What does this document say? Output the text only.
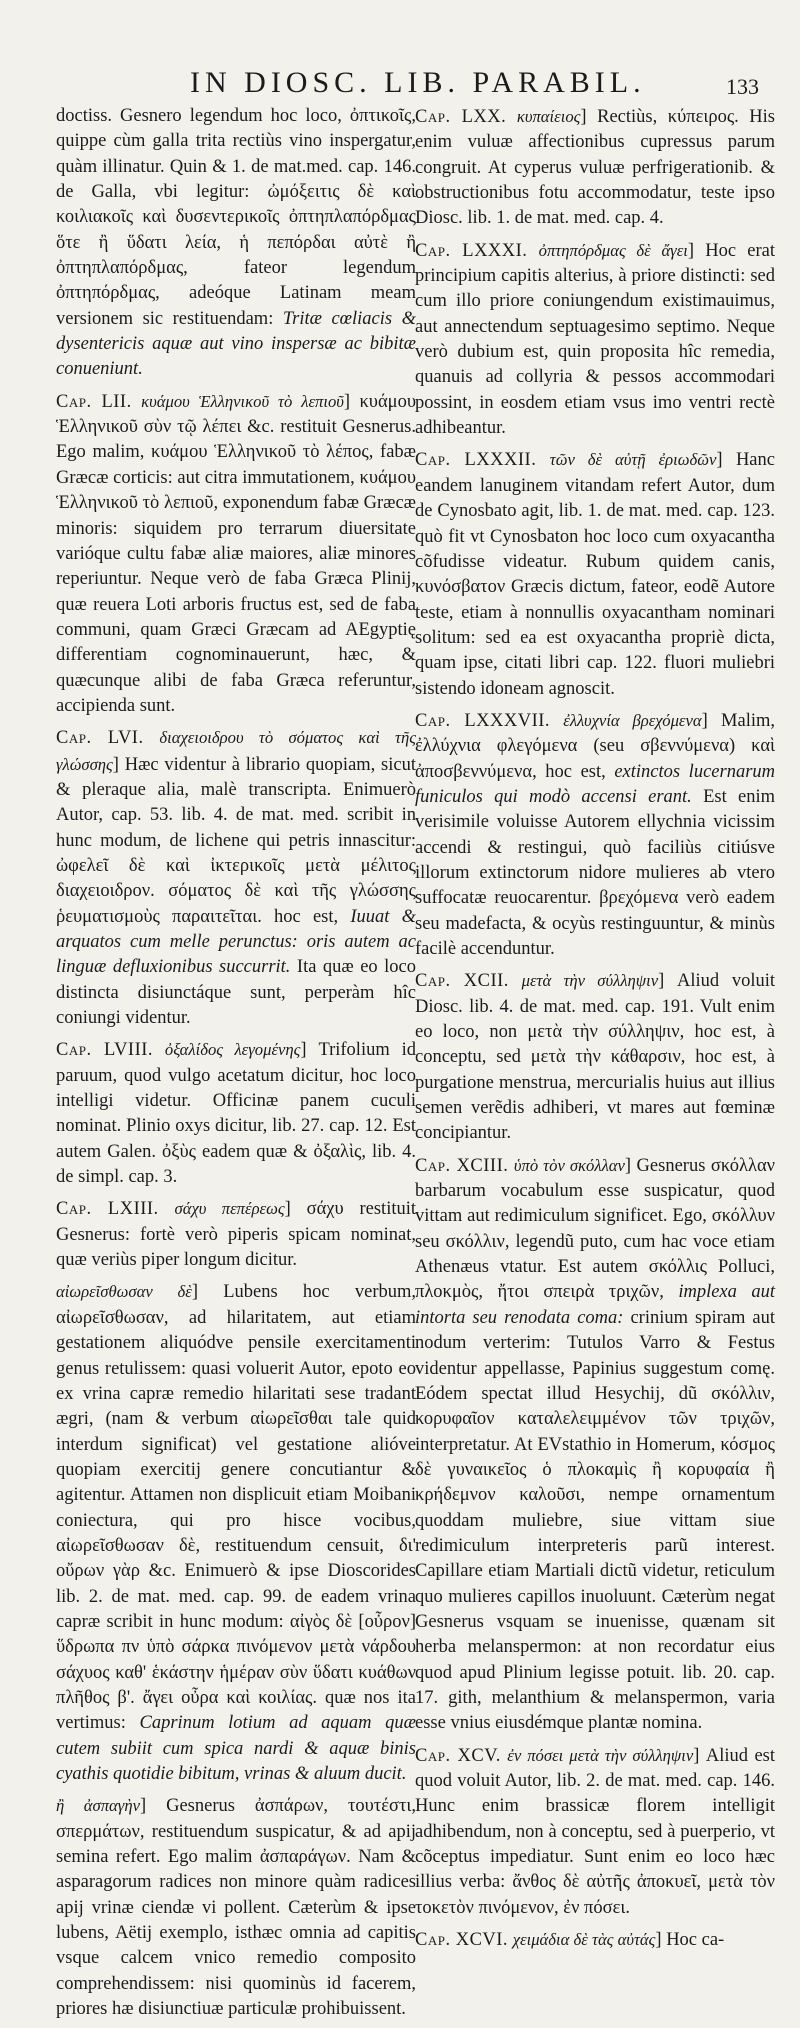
IN DIOSC. LIB. PARABIL.	133

doctiss. Gesnero legendum hoc loco, ὀπτικοῖς, quippe cùm galla trita rectiùs vino inspergatur, quàm illinatur. Quin & 1. de mat.med. cap. 146. de Galla, vbi legitur: ὠμόξειτις δὲ καὶ κοιλιακοῖς καὶ δυσεντερικοῖς ὀπτηπλαπόρδμας ὅτε ἢ ὕδατι λεία, ἡ πεπόρδαι αὐτὲ ἢ ὀπτηπλαπόρδμας, fateor legendum ὀπτηπόρδμας, adeóque Latinam meam versionem sic restituendam: Tritæ cœliacis & dysentericis aquæ aut vino inspersæ ac bibitæ conueniunt.

Cap. LII. κυάμου Ἑλληνικοῦ τὸ λεπιοῦ] κυάμου Ἑλληνικοῦ σὺν τῷ λέπει &c. restituit Gesnerus. Ego malim, κυάμου Ἑλληνικοῦ τὸ λέπος, fabæ Græcæ corticis: aut citra immutationem, κυάμου Ἑλληνικοῦ τὸ λεπιοῦ, exponendum fabæ Græcæ minoris: siquidem pro terrarum diuersitate varióque cultu fabæ aliæ maiores, aliæ minores reperiuntur. Neque verò de faba Græca Plinij, quæ reuera Loti arboris fructus est, sed de faba communi, quam Græci Græcam ad AEgyptię differentiam cognominauerunt, hæc, & quæcunque alibi de faba Græca referuntur, accipienda sunt.

Cap. LVI. διαχειοιδρου τὸ σόματος καὶ τῆς γλώσσης] Hæc videntur à librario quopiam, sicut & pleraque alia, malè transcripta. Enimuerò Autor, cap. 53. lib. 4. de mat. med. scribit in hunc modum, de lichene qui petris innascitur: ὠφελεῖ δὲ καὶ ἰκτερικοῖς μετὰ μέλιτος διαχειοιδρον. σόματος δὲ καὶ τῆς γλώσσης ῥευματισμοὺς παραιτεῖται. hoc est, Iuuat & arquatos cum melle perunctus: oris autem ac linguæ defluxionibus succurrit. Ita quæ eo loco distincta disiunctáque sunt, perperàm hîc coniungi videntur.

Cap. LVIII. ὀξαλίδος λεγομένης] Trifolium id paruum, quod vulgo acetatum dicitur, hoc loco intelligi videtur. Officinæ panem cuculi nominat. Plinio oxys dicitur, lib. 27. cap. 12. Est autem Galen. ὀξὺς eadem quæ & ὀξαλὶς, lib. 4. de simpl. cap. 3.

Cap. LXIII. σάχυ πεπέρεως] σάχυ restituit Gesnerus: fortè verò piperis spicam nominat, quæ veriùs piper longum dicitur.

αἰωρεῖσθωσαν δὲ] Lubens hoc verbum, αἰωρεῖσθωσαν, ad hilaritatem, aut etiam gestationem aliquódve pensile exercitamenti genus retulissem: quasi voluerit Autor, epoto eo ex vrina capræ remedio hilaritati sese tradant ægri, (nam & verbum αἰωρεῖσθαι tale quid interdum significat) vel gestatione alióve quopiam exercitij genere concutiantur & agitentur. Attamen non displicuit etiam Moibani coniectura, qui pro hisce vocibus, αἰωρεῖσθωσαν δὲ, restituendum censuit, δι' οὔρων γὰρ &c. Enimuerò & ipse Dioscorides lib. 2. de mat. med. cap. 99. de eadem vrina capræ scribit in hunc modum: αἰγὸς δὲ [οὖρον] ὕδρωπα πν ὑπὸ σάρκα πινόμενον μετὰ νάρδου σάχυος καθ' ἑκάστην ἡμέραν σὺν ὕδατι κυάθων πλῆθος β'. ἄγει οὖρα καὶ κοιλίας. quæ nos ita vertimus: Caprinum lotium ad aquam quæ cutem subiit cum spica nardi & aquæ binis cyathis quotidie bibitum, vrinas & aluum ducit.

ἢ ἀσπαγὴν] Gesnerus ἀσπάρων, τουτέστι, σπερμάτων, restituendum suspicatur, & ad apij semina refert. Ego malim ἀσπαράγων. Nam & asparagorum radices non minore quàm radices apij vrinæ ciendæ vi pollent. Cæterùm & ipse lubens, Aëtij exemplo, isthæc omnia ad capitis vsque calcem vnico remedio composito comprehendissem: nisi quominùs id facerem, priores hæ disiunctiuæ particulæ prohibuissent.

Cap. LXX. κυπαίειος] Rectiùs, κύπειρος. His enim vuluæ affectionibus cupressus parum congruit. At cyperus vuluæ perfrigerationib. & obstructionibus fotu accommodatur, teste ipso Diosc. lib. 1. de mat. med. cap. 4.

Cap. LXXXI. ὀπτηπόρδμας δὲ ἄγει] Hoc erat principium capitis alterius, à priore distincti: sed cum illo priore coniungendum existimauimus, aut annectendum septuagesimo septimo. Neque verò dubium est, quin proposita hîc remedia, quanuis ad collyria & pessos accommodari possint, in eosdem etiam vsus imo ventri rectè adhibeantur.

Cap. LXXXII. τῶν δὲ αὐτῇ ἐριωδῶν] Hanc eandem lanuginem vitandam refert Autor, dum de Cynosbato agit, lib. 1. de mat. med. cap. 123. quò fit vt Cynosbaton hoc loco cum oxyacantha cõfudisse videatur. Rubum quidem canis, κυνόσβατον Græcis dictum, fateor, eodẽ Autore teste, etiam à nonnullis oxyacantham nominari solitum: sed ea est oxyacantha propriè dicta, quam ipse, citati libri cap. 122. fluori muliebri sistendo idoneam agnoscit.

Cap. LXXXVII. ἐλλυχνία βρεχόμενα] Malim, ἐλλύχνια φλεγόμενα (seu σβεννύμενα) καὶ ἀποσβεννύμενα, hoc est, extinctos lucernarum funiculos qui modò accensi erant. Est enim verisimile voluisse Autorem ellychnia vicissim accendi & restingui, quò faciliùs citiúsve illorum extinctorum nidore mulieres ab vtero suffocatæ reuocarentur. βρεχόμενα verò eadem seu madefacta, & ocyùs restinguuntur, & minùs facilè accenduntur.

Cap. XCII. μετὰ τὴν σύλληψιν] Aliud voluit Diosc. lib. 4. de mat. med. cap. 191. Vult enim eo loco, non μετὰ τὴν σύλληψιν, hoc est, à conceptu, sed μετὰ τὴν κάθαρσιν, hoc est, à purgatione menstrua, mercurialis huius aut illius semen verẽdis adhiberi, vt mares aut fœminæ concipiantur.

Cap. XCIII. ὑπὸ τὸν σκόλλαν] Gesnerus σκόλλαν barbarum vocabulum esse suspicatur, quod vittam aut redimiculum significet. Ego, σκόλλυν seu σκόλλιν, legendũ puto, cum hac voce etiam Athenæus vtatur. Est autem σκόλλις Polluci, πλοκμὸς, ἤτοι σπειρὰ τριχῶν, implexa aut intorta seu renodata coma: crinium spiram aut nodum verterim: Tutulos Varro & Festus videntur appellasse, Papinius suggestum comę. Eódem spectat illud Hesychij, dũ σκόλλιν, κορυφαῖον καταλελειμμένον τῶν τριχῶν, interpretatur. At EVstathio in Homerum, κόσμος δὲ γυναικεῖος ὁ πλοκαμὶς ἢ κορυφαία ἢ κρήδεμνον καλοῦσι, nempe ornamentum quoddam muliebre, siue vittam siue redimiculum interpreteris parũ interest. Capillare etiam Martiali dictũ videtur, reticulum quo mulieres capillos inuoluunt. Cæterùm negat Gesnerus vsquam se inuenisse, quænam sit herba melanspermon: at non recordatur eius quod apud Plinium legisse potuit. lib. 20. cap. 17. gith, melanthium & melanspermon, varia esse vnius eiusdémque plantæ nomina.

Cap. XCV. ἐν πόσει μετὰ τὴν σύλληψιν] Aliud est quod voluit Autor, lib. 2. de mat. med. cap. 146. Hunc enim brassicæ florem intelligit adhibendum, non à conceptu, sed à puerperio, vt cõceptus impediatur. Sunt enim eo loco hæc illius verba: ἄνθος δὲ αὐτῆς ἀποκυεῖ, μετὰ τὸν τοκετὸν πινόμενον, ἐν πόσει.

Cap. XCVI. χειμάδια δὲ τὰς αὐτάς] Hoc ca-
